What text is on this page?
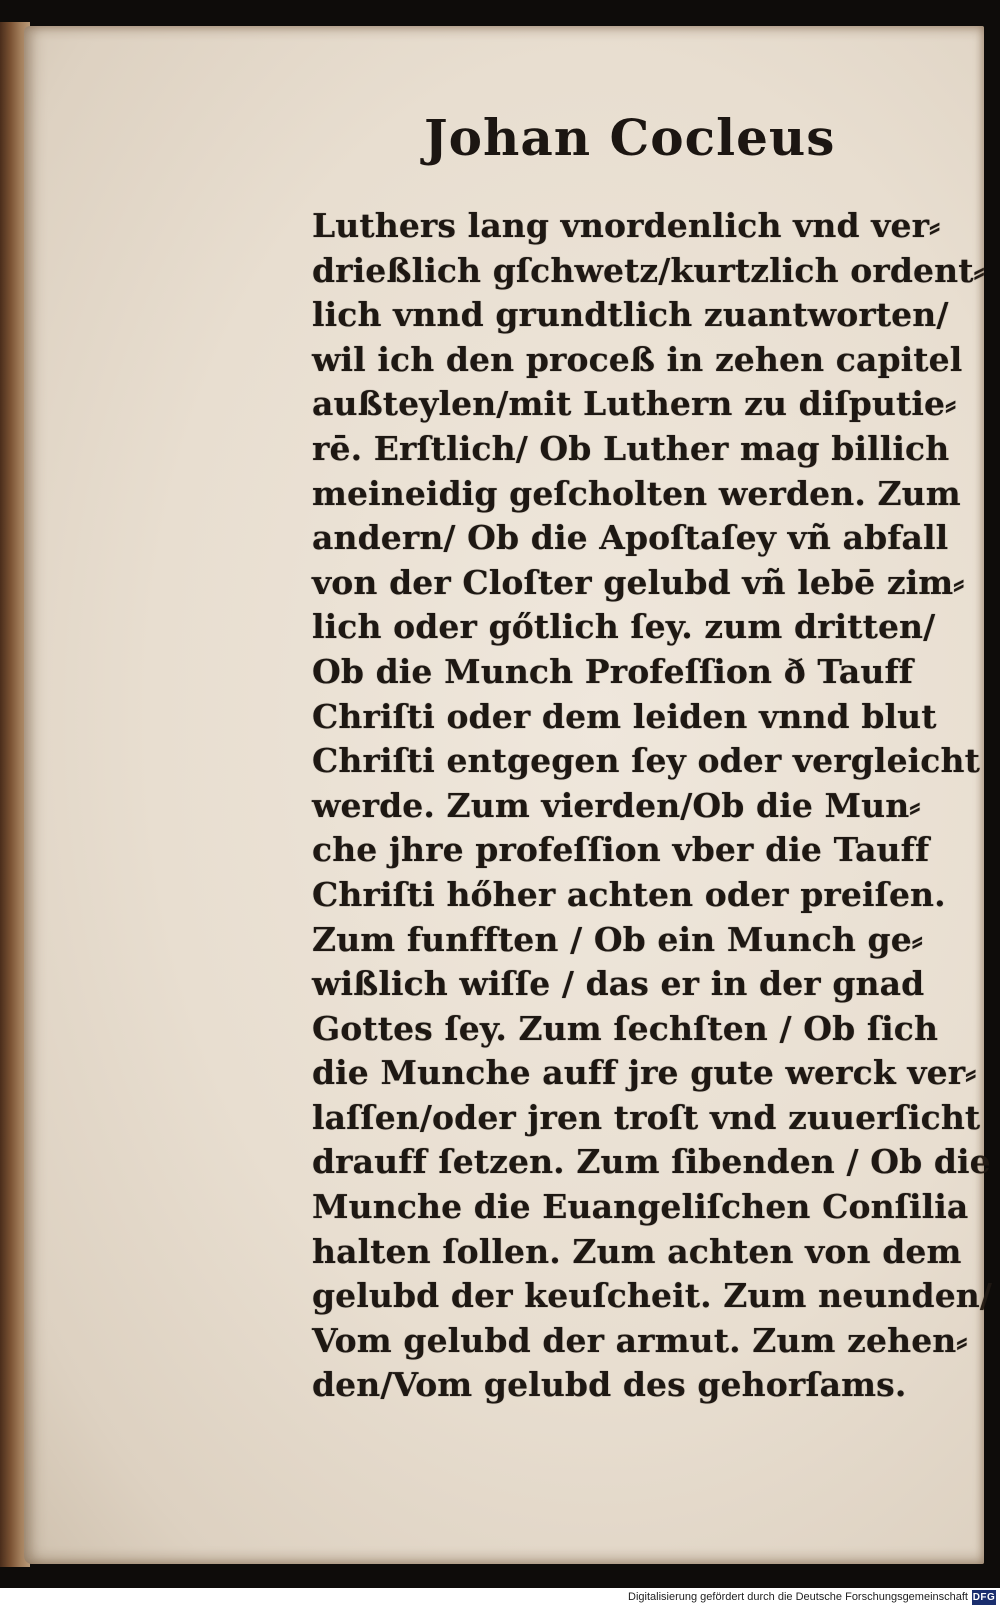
Johan Cocleus
Luthers lang vnordenlich vnd ver⸗
drießlich gſchwetz/kurtzlich ordent⸗
lich vnnd grundtlich zuantworten/
wil ich den proceß in zehen capitel
außteylen/mit Luthern zu diſputie⸗
rē. Erſtlich/ Ob Luther mag billich
meineidig geſcholten werden. Zum
andern/ Ob die Apoſtaſey vñ abfall
von der Cloſter gelubd vñ lebē zim⸗
lich oder gőtlich ſey. zum dritten/
Ob die Munch Profeſſion ð Tauff
Chriſti oder dem leiden vnnd blut
Chriſti entgegen ſey oder vergleicht
werde. Zum vierden/Ob die Mun⸗
che jhre profeſſion vber die Tauff
Chriſti hőher achten oder preiſen.
Zum funfften / Ob ein Munch ge⸗
wißlich wiſſe / das er in der gnad
Gottes ſey. Zum ſechſten / Ob ſich
die Munche auff jre gute werck ver⸗
laſſen/oder jren troſt vnd zuuerſicht
drauff ſetzen. Zum ſibenden / Ob die
Munche die Euangeliſchen Conſilia
halten ſollen. Zum achten von dem
gelubd der keuſcheit. Zum neunden/
Vom gelubd der armut. Zum zehen⸗
den/Vom gelubd des gehorſams.
Digitalisierung gefördert durch die Deutsche Forschungsgemeinschaft DFG
